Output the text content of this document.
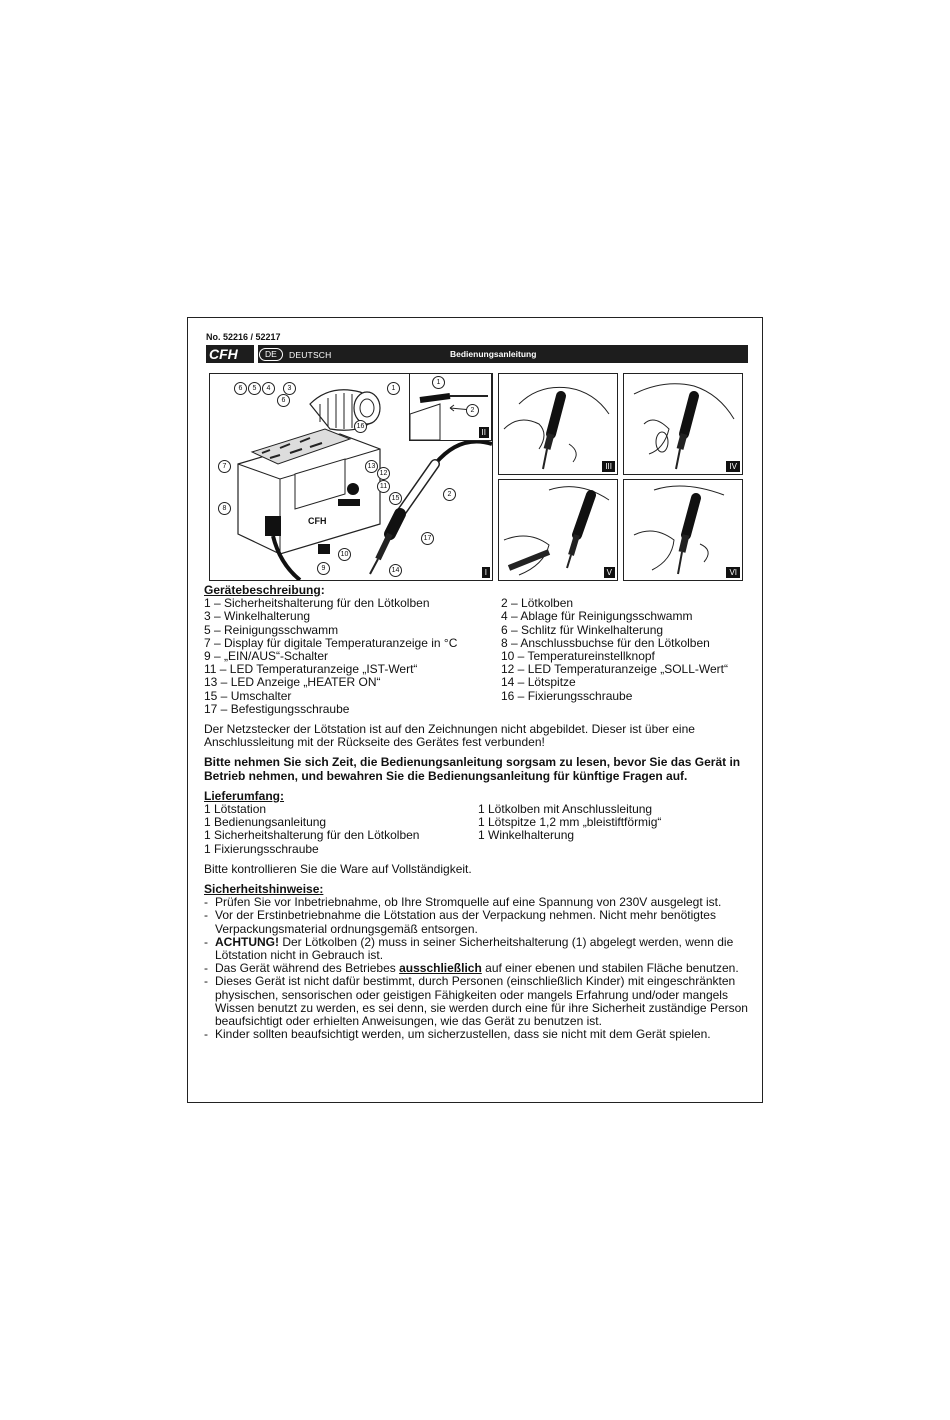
No. 52216 / 52217
Bedienungsanleitung
CFH	DE	DEUTSCH
CFH
6	5	4	3	1
6
16
7	13
12
11
15
2
8
10
17
9	14	I
1
2
II
III	IV
V	VI

Gerätebeschreibung:

1 – Sicherheitshalterung für den Lötkolben	2 – Lötkolben
3 – Winkelhalterung	4 – Ablage für Reinigungsschwamm
5 – Reinigungsschwamm	6 – Schlitz für Winkelhalterung
7 – Display für digitale Temperaturanzeige in °C	8 – Anschlussbuchse für den Lötkolben
9 – „EIN/AUS“-Schalter	10 – Temperatureinstellknopf
11 – LED Temperaturanzeige „IST-Wert“	12 – LED Temperaturanzeige „SOLL-Wert“
13 – LED Anzeige „HEATER ON“	14 – Lötspitze
15 – Umschalter	16 – Fixierungsschraube
17 – Befestigungsschraube

Der Netzstecker der Lötstation ist auf den Zeichnungen nicht abgebildet. Dieser ist über eine Anschlussleitung mit der Rückseite des Gerätes fest verbunden!

Bitte nehmen Sie sich Zeit, die Bedienungsanleitung sorgsam zu lesen, bevor Sie das Gerät in Betrieb nehmen, und bewahren Sie die Bedienungsanleitung für künftige Fragen auf.

Lieferumfang:

1 Lötstation	1 Lötkolben mit Anschlussleitung
1 Bedienungsanleitung	1 Lötspitze 1,2 mm „bleistiftförmig“
1 Sicherheitshalterung für den Lötkolben	1 Winkelhalterung
1 Fixierungsschraube

Bitte kontrollieren Sie die Ware auf Vollständigkeit.

Sicherheitshinweise:

- Prüfen Sie vor Inbetriebnahme, ob Ihre Stromquelle auf eine Spannung von 230V ausgelegt ist.
- Vor der Erstinbetriebnahme die Lötstation aus der Verpackung nehmen. Nicht mehr benötigtes Verpackungsmaterial ordnungsgemäß entsorgen.
- ACHTUNG! Der Lötkolben (2) muss in seiner Sicherheitshalterung (1) abgelegt werden, wenn die Lötstation nicht in Gebrauch ist.
- Das Gerät während des Betriebes ausschließlich auf einer ebenen und stabilen Fläche benutzen.
- Dieses Gerät ist nicht dafür bestimmt, durch Personen (einschließlich Kinder) mit eingeschränkten physischen, sensorischen oder geistigen Fähigkeiten oder mangels Erfahrung und/oder mangels Wissen benutzt zu werden, es sei denn, sie werden durch eine für ihre Sicherheit zuständige Person beaufsichtigt oder erhielten Anweisungen, wie das Gerät zu benutzen ist.
- Kinder sollten beaufsichtigt werden, um sicherzustellen, dass sie nicht mit dem Gerät spielen.
